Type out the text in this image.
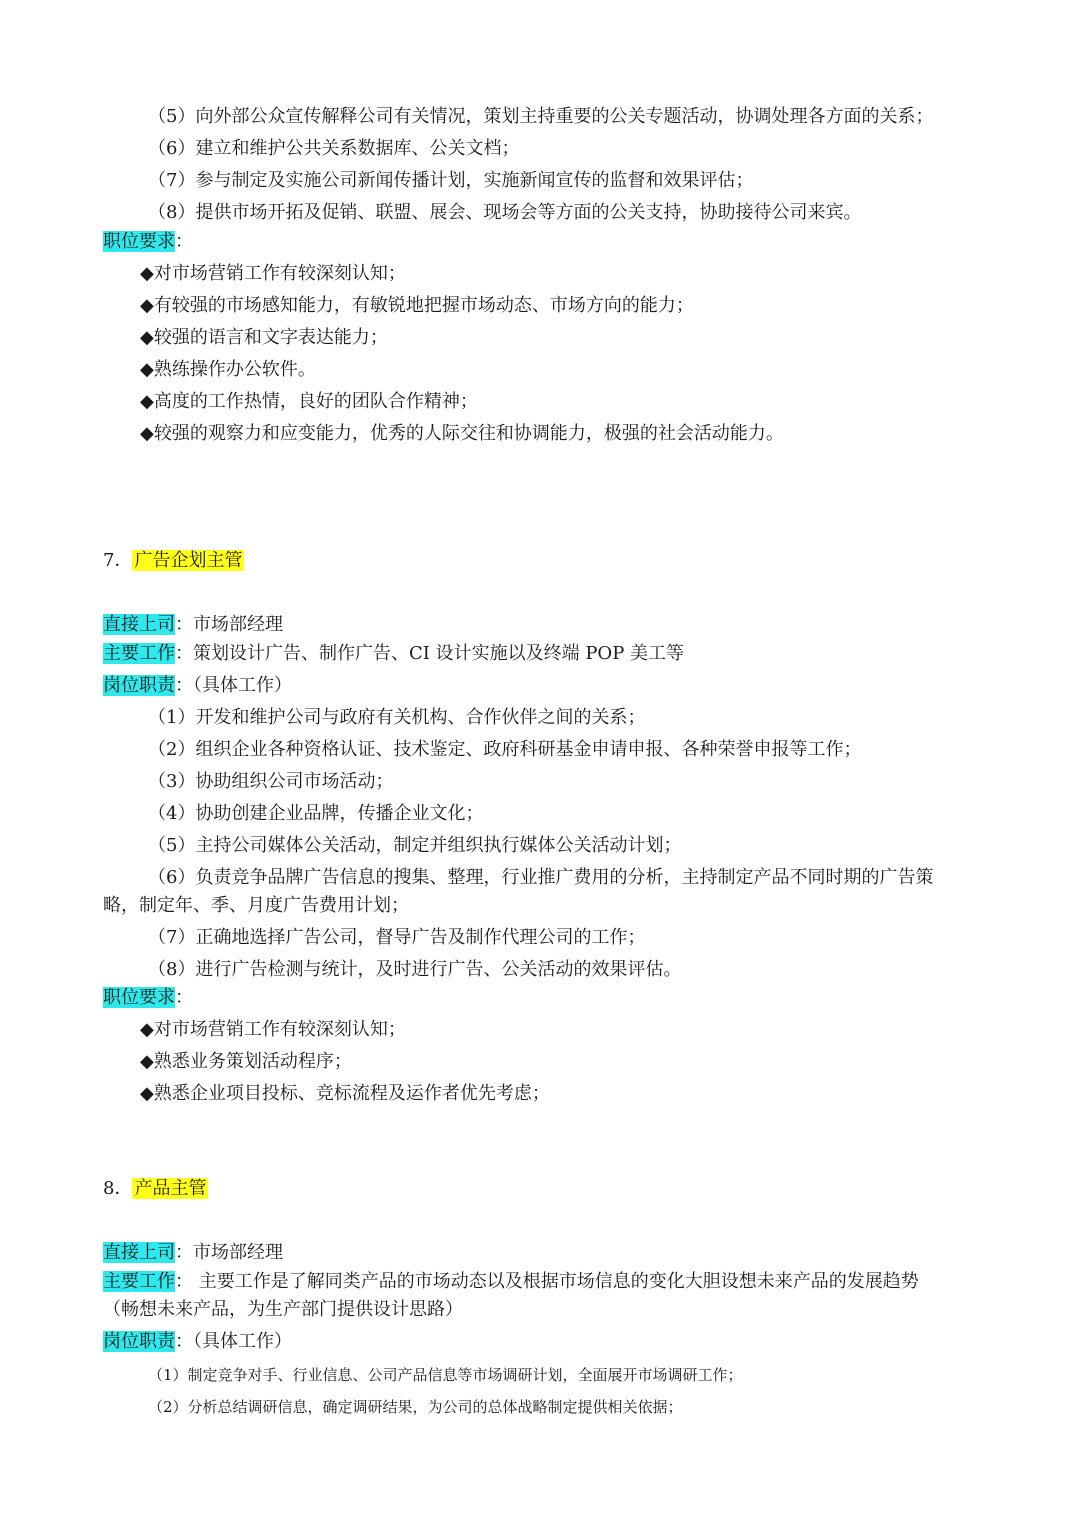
（5）向外部公众宣传解释公司有关情况，策划主持重要的公关专题活动，协调处理各方面的关系；
（6）建立和维护公共关系数据库、公关文档；
（7）参与制定及实施公司新闻传播计划，实施新闻宣传的监督和效果评估；
（8）提供市场开拓及促销、联盟、展会、现场会等方面的公关支持，协助接待公司来宾。
职位要求：
◆对市场营销工作有较深刻认知；
◆有较强的市场感知能力，有敏锐地把握市场动态、市场方向的能力；
◆较强的语言和文字表达能力；
◆熟练操作办公软件。
◆高度的工作热情，良好的团队合作精神；
◆较强的观察力和应变能力，优秀的人际交往和协调能力，极强的社会活动能力。
7． 广告企划主管
直接上司：市场部经理
主要工作：策划设计广告、制作广告、CI 设计实施以及终端 POP 美工等
岗位职责：（具体工作）
（1）开发和维护公司与政府有关机构、合作伙伴之间的关系；
（2）组织企业各种资格认证、技术鉴定、政府科研基金申请申报、各种荣誉申报等工作；
（3）协助组织公司市场活动；
（4）协助创建企业品牌，传播企业文化；
（5）主持公司媒体公关活动，制定并组织执行媒体公关活动计划；
（6）负责竞争品牌广告信息的搜集、整理，行业推广费用的分析，主持制定产品不同时期的广告策
略，制定年、季、月度广告费用计划；
（7）正确地选择广告公司，督导广告及制作代理公司的工作；
（8）进行广告检测与统计，及时进行广告、公关活动的效果评估。
职位要求：
◆对市场营销工作有较深刻认知；
◆熟悉业务策划活动程序；
◆熟悉企业项目投标、竞标流程及运作者优先考虑；
8． 产品主管
直接上司：市场部经理
主要工作： 主要工作是了解同类产品的市场动态以及根据市场信息的变化大胆设想未来产品的发展趋势
（畅想未来产品，为生产部门提供设计思路）
岗位职责：（具体工作）
（1）制定竞争对手、行业信息、公司产品信息等市场调研计划，全面展开市场调研工作；
（2）分析总结调研信息，确定调研结果，为公司的总体战略制定提供相关依据；
